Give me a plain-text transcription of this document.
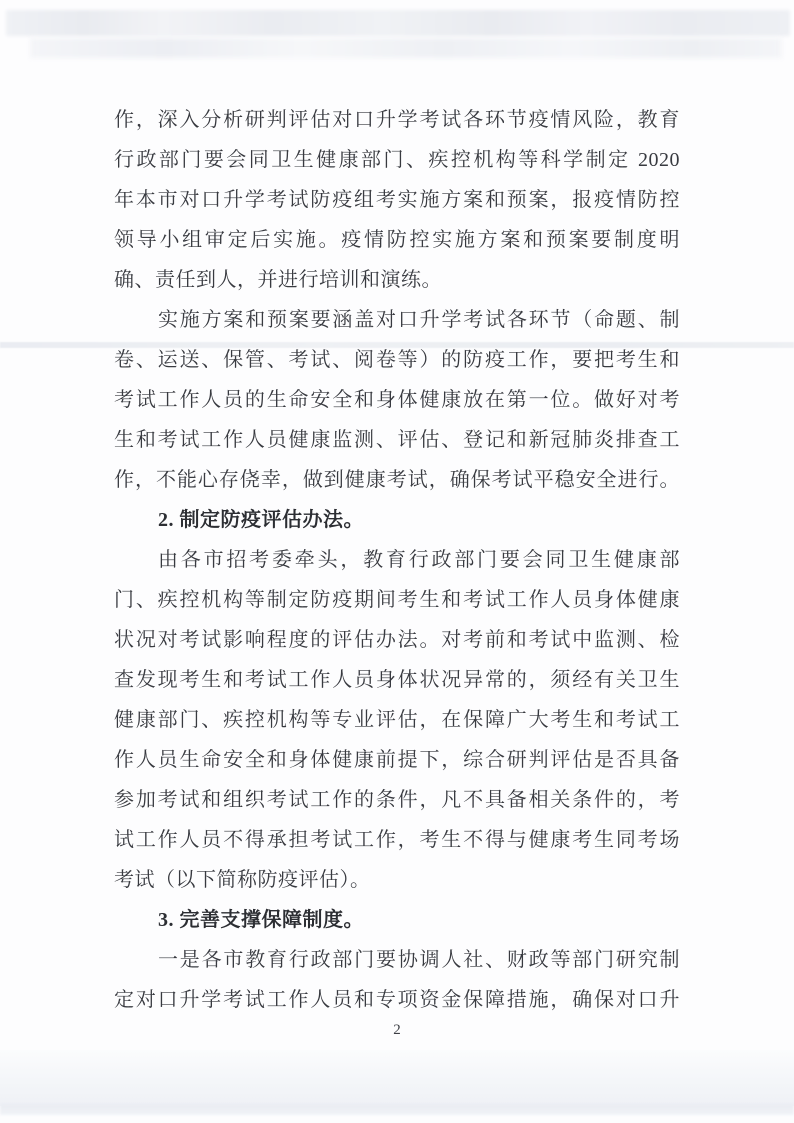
作，深入分析研判评估对口升学考试各环节疫情风险，教育
行政部门要会同卫生健康部门、疾控机构等科学制定 2020
年本市对口升学考试防疫组考实施方案和预案，报疫情防控
领导小组审定后实施。疫情防控实施方案和预案要制度明
确、责任到人，并进行培训和演练。
实施方案和预案要涵盖对口升学考试各环节（命题、制
卷、运送、保管、考试、阅卷等）的防疫工作，要把考生和
考试工作人员的生命安全和身体健康放在第一位。做好对考
生和考试工作人员健康监测、评估、登记和新冠肺炎排查工
作，不能心存侥幸，做到健康考试，确保考试平稳安全进行。
2. 制定防疫评估办法。
由各市招考委牵头，教育行政部门要会同卫生健康部
门、疾控机构等制定防疫期间考生和考试工作人员身体健康
状况对考试影响程度的评估办法。对考前和考试中监测、检
查发现考生和考试工作人员身体状况异常的，须经有关卫生
健康部门、疾控机构等专业评估，在保障广大考生和考试工
作人员生命安全和身体健康前提下，综合研判评估是否具备
参加考试和组织考试工作的条件，凡不具备相关条件的，考
试工作人员不得承担考试工作，考生不得与健康考生同考场
考试（以下简称防疫评估）。
3. 完善支撑保障制度。
一是各市教育行政部门要协调人社、财政等部门研究制
定对口升学考试工作人员和专项资金保障措施，确保对口升
2
